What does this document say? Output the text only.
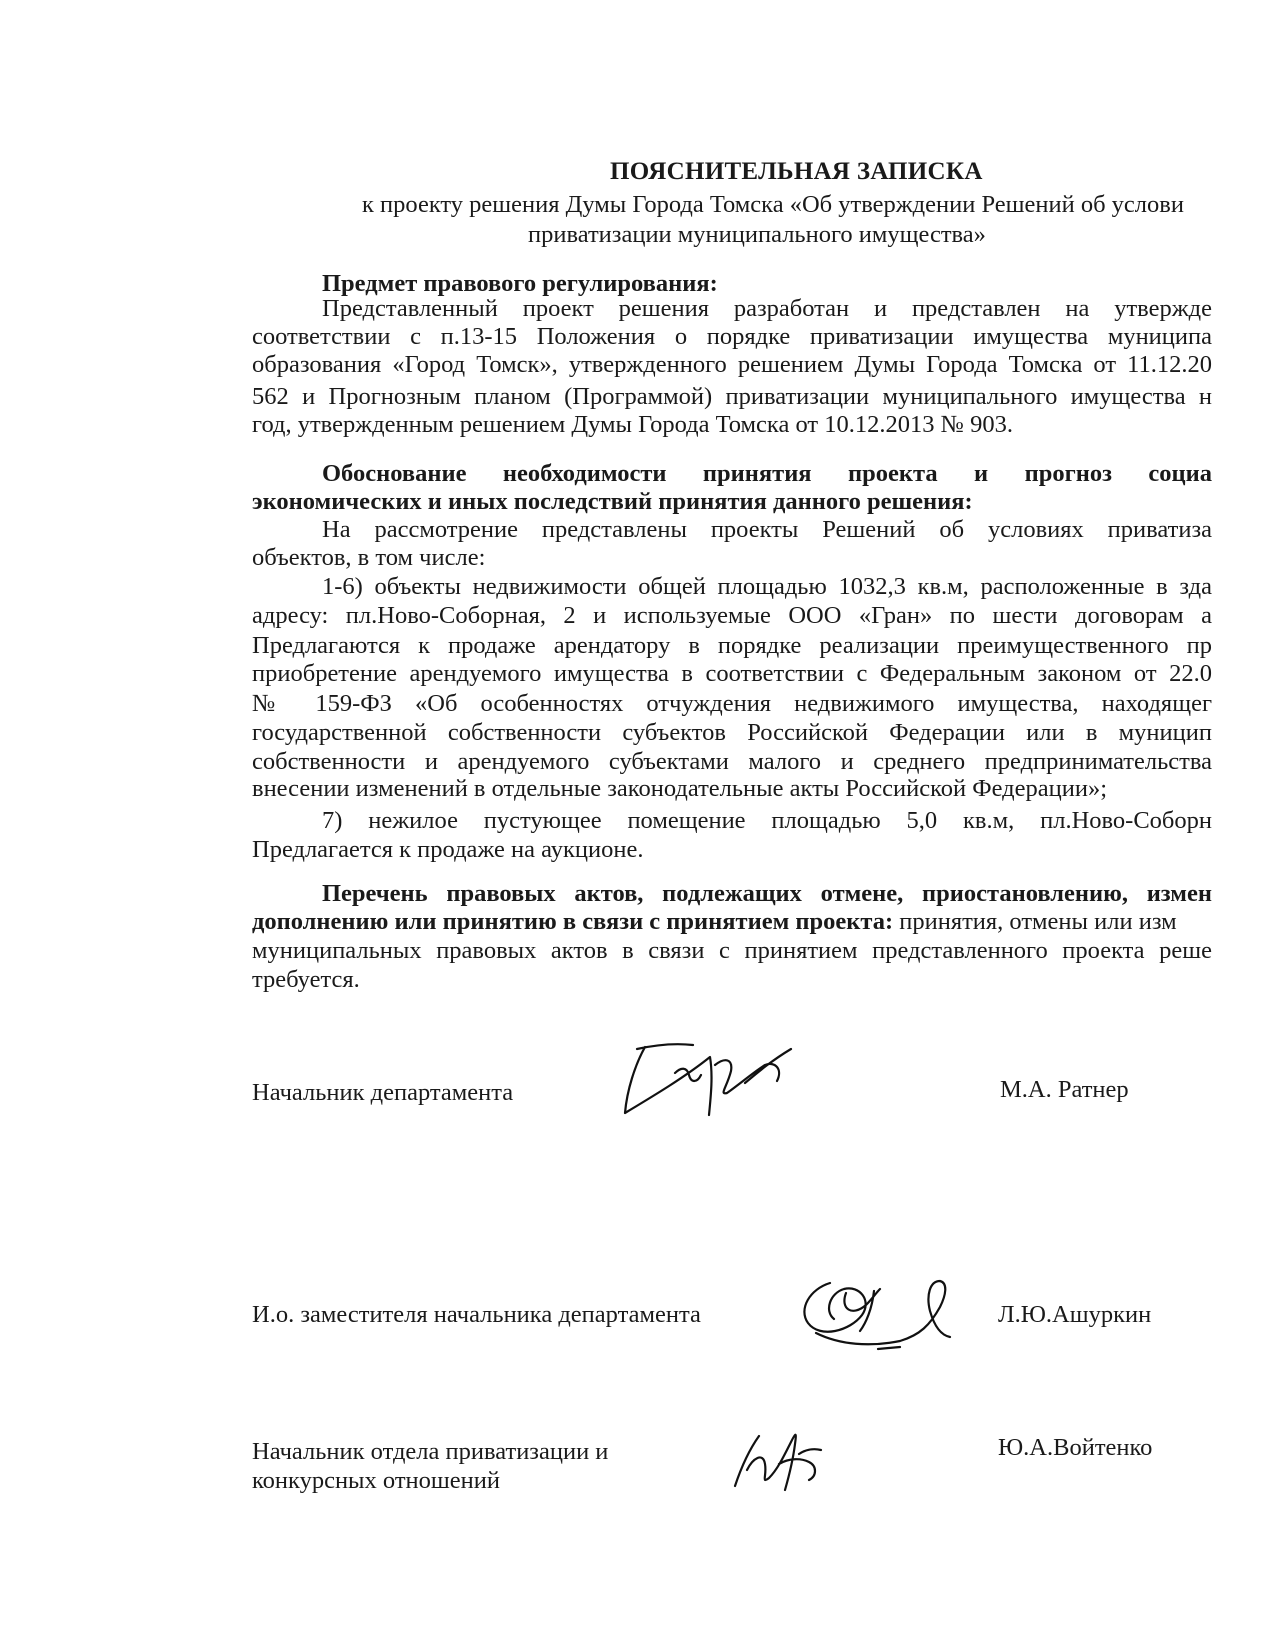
ПОЯСНИТЕЛЬНАЯ ЗАПИСКА
к проекту решения Думы Города Томска «Об утверждении Решений об услови
приватизации муниципального имущества»
Предмет правового регулирования:
Представленный проект решения разработан и представлен на утвержде
соответствии с п.13-15 Положения о порядке приватизации имущества муниципа
образования «Город Томск», утвержденного решением Думы Города Томска от 11.12.20
562 и Прогнозным планом (Программой) приватизации муниципального имущества н
год, утвержденным решением Думы Города Томска от 10.12.2013 № 903.
Обоснование необходимости принятия проекта и прогноз социа
экономических и иных последствий принятия данного решения:
На рассмотрение представлены проекты Решений об условиях приватиза
объектов, в том числе:
1-6) объекты недвижимости общей площадью 1032,3 кв.м, расположенные в зда
адресу: пл.Ново-Соборная, 2 и используемые ООО «Гран» по шести договорам а
Предлагаются к продаже арендатору в порядке реализации преимущественного пр
приобретение арендуемого имущества в соответствии с Федеральным законом от 22.0
№ 159-ФЗ «Об особенностях отчуждения недвижимого имущества, находящег
государственной собственности субъектов Российской Федерации или в муницип
собственности и арендуемого субъектами малого и среднего предпринимательства
внесении изменений в отдельные законодательные акты Российской Федерации»;
7) нежилое пустующее помещение площадью 5,0 кв.м, пл.Ново-Соборн
Предлагается к продаже на аукционе.
Перечень правовых актов, подлежащих отмене, приостановлению, измен
дополнению или принятию в связи с принятием проекта: принятия, отмены или изм
муниципальных правовых актов в связи с принятием представленного проекта реше
требуется.
Начальник департамента	М.А. Ратнер
И.о. заместителя начальника департамента	Л.Ю.Ашуркин
Начальник отдела приватизации и
конкурсных отношений
Ю.А.Войтенко
